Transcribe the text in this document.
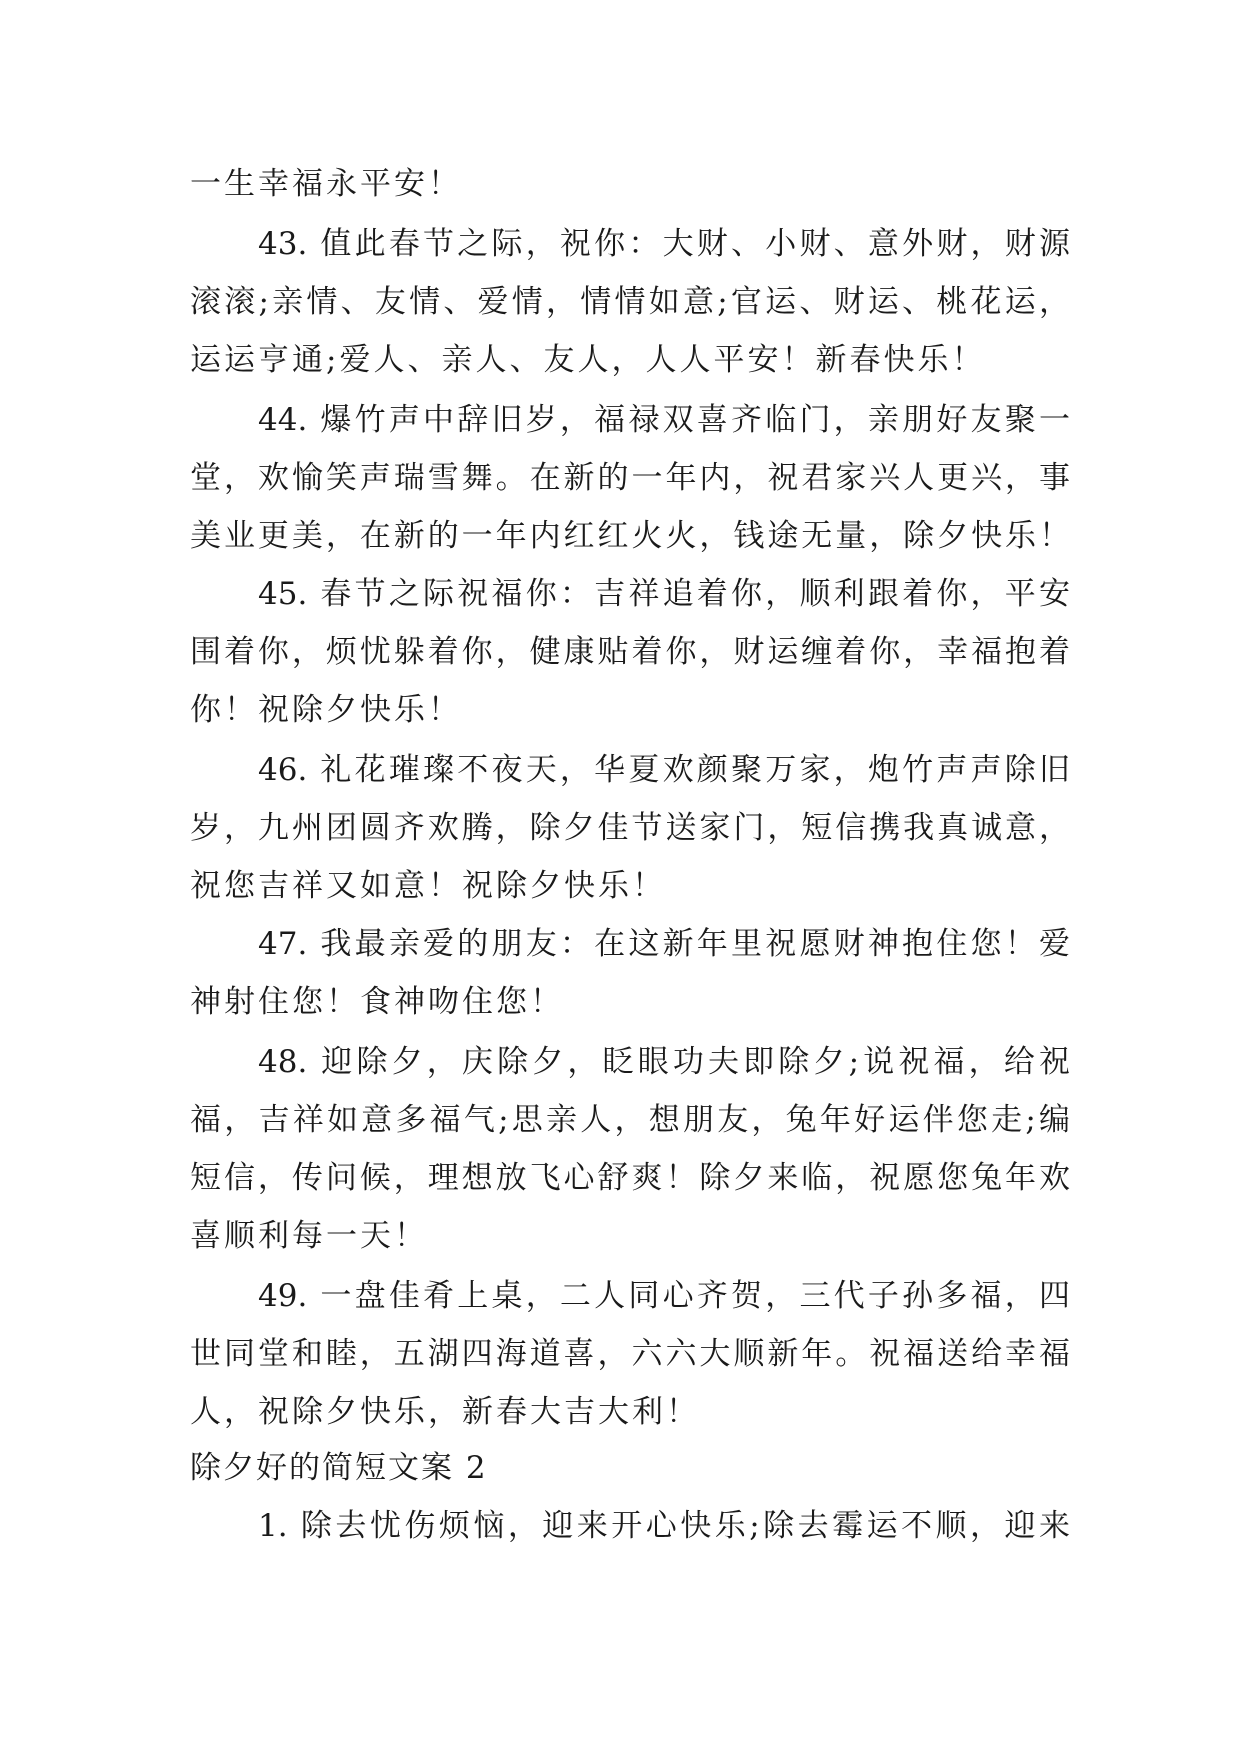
一生幸福永平安！
43. 值此春节之际，祝你：大财、小财、意外财，财源
滚滚;亲情、友情、爱情，情情如意;官运、财运、桃花运，
运运亨通;爱人、亲人、友人，人人平安！新春快乐！
44. 爆竹声中辞旧岁，福禄双喜齐临门，亲朋好友聚一
堂，欢愉笑声瑞雪舞。在新的一年内，祝君家兴人更兴，事
美业更美，在新的一年内红红火火，钱途无量，除夕快乐！
45. 春节之际祝福你：吉祥追着你，顺利跟着你，平安
围着你，烦忧躲着你，健康贴着你，财运缠着你，幸福抱着
你！祝除夕快乐！
46. 礼花璀璨不夜天，华夏欢颜聚万家，炮竹声声除旧
岁，九州团圆齐欢腾，除夕佳节送家门，短信携我真诚意，
祝您吉祥又如意！祝除夕快乐！
47. 我最亲爱的朋友：在这新年里祝愿财神抱住您！爱
神射住您！食神吻住您！
48. 迎除夕，庆除夕，眨眼功夫即除夕;说祝福，给祝
福，吉祥如意多福气;思亲人，想朋友，兔年好运伴您走;编
短信，传问候，理想放飞心舒爽！除夕来临，祝愿您兔年欢
喜顺利每一天！
49. 一盘佳肴上桌，二人同心齐贺，三代子孙多福，四
世同堂和睦，五湖四海道喜，六六大顺新年。祝福送给幸福
人，祝除夕快乐，新春大吉大利！
除夕好的简短文案 2
1. 除去忧伤烦恼，迎来开心快乐;除去霉运不顺，迎来
